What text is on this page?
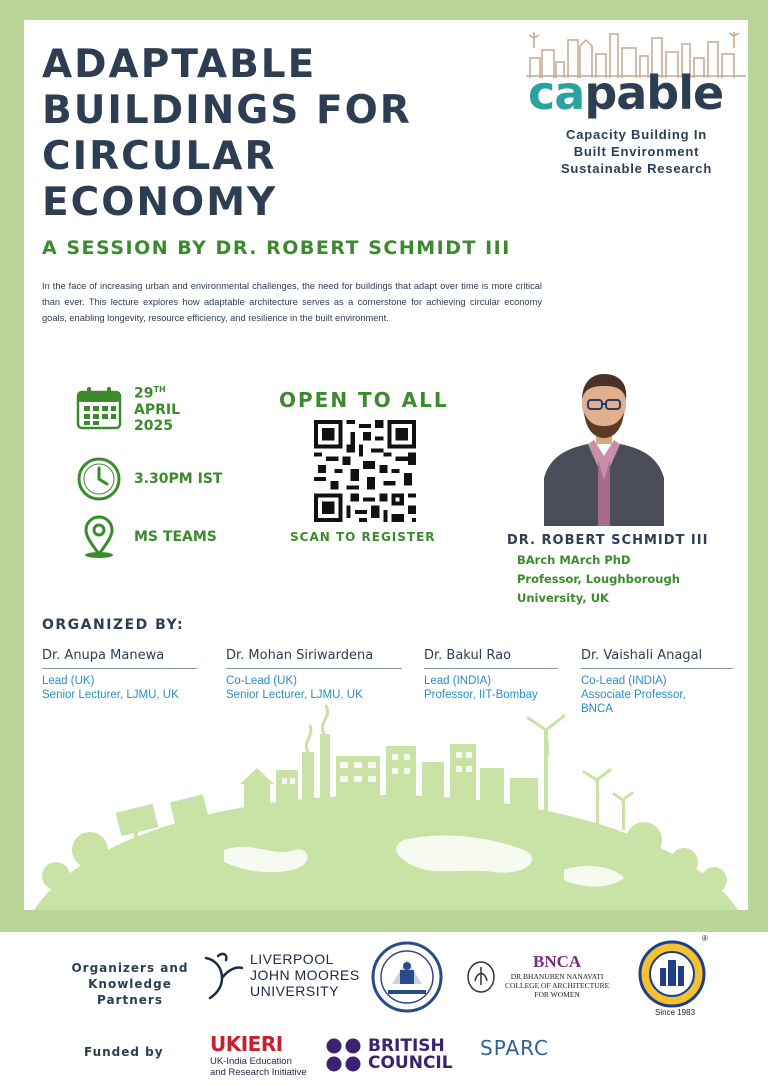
ADAPTABLE
BUILDINGS FOR
CIRCULAR
ECONOMY
A SESSION BY DR. ROBERT SCHMIDT III

In the face of increasing urban and environmental challenges, the need for buildings that adapt over time is more critical than ever. This lecture explores how adaptable architecture serves as a cornerstone for achieving circular economy goals, enabling longevity, resource efficiency, and resilience in the built environment.

ca pable
Capacity Building In
Built Environment
Sustainable Research
29TH
APRIL
2025
3.30PM IST
MS TEAMS
OPEN TO ALL
SCAN TO REGISTER	DR. ROBERT SCHMIDT III
BArch MArch PhD
Professor, Loughborough
University, UK
ORGANIZED BY:
Dr. Anupa Manewa
Lead (UK)
Senior Lecturer, LJMU, UK
Dr. Mohan Siriwardena
Co-Lead (UK)
Senior Lecturer, LJMU, UK
Dr. Bakul Rao
Lead (INDIA)
Professor, IIT-Bombay
Dr. Vaishali Anagal
Co-Lead (INDIA)
Associate Professor,
BNCA
Organizers and
Knowledge
Partners
LIVERPOOL
JOHN MOORES
UNIVERSITY
BNCA
DR.BHANUBEN NANAVATI
COLLEGE OF ARCHITECTURE
FOR WOMEN
®
Since 1983
Funded by UKIERI
UK-India Education
and Research Initiative
BRITISH
COUNCIL
SPARC
